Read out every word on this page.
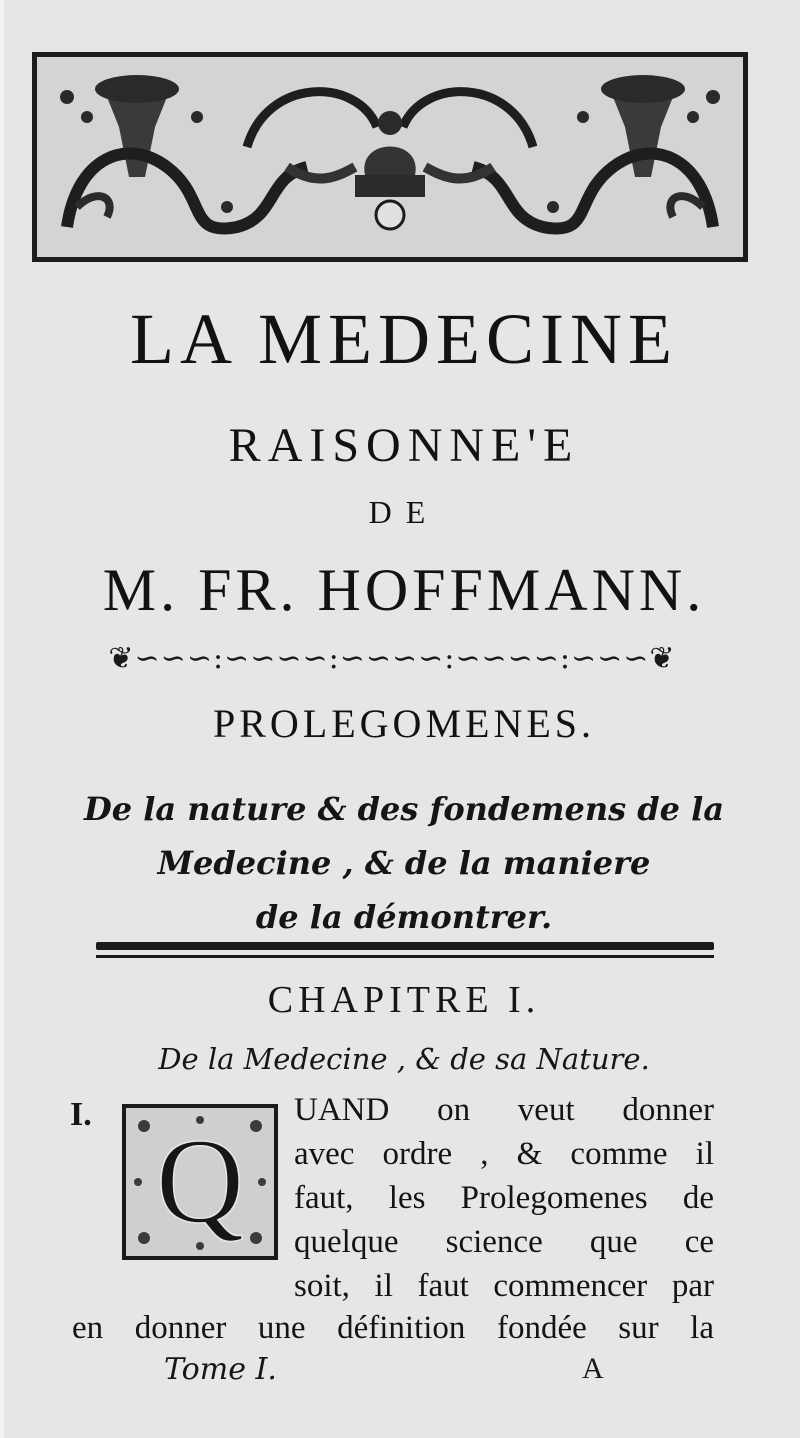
LA MEDECINE
RAISONNE'E
DE
M. FR. HOFFMANN.
❦∽∽∽:∽∽∽∽:∽∽∽∽:∽∽∽∽:∽∽∽❦
PROLEGOMENES.
De la nature & des fondemens de la
Medecine , & de la maniere
de la démontrer.
CHAPITRE I.
De la Medecine , & de sa Nature.
I. Q
UAND on veut donner
avec ordre , & comme il
faut, les Prolegomenes de
quelque science que ce
soit, il faut commencer par
en donner une définition fondée sur la
Tome I.	A
